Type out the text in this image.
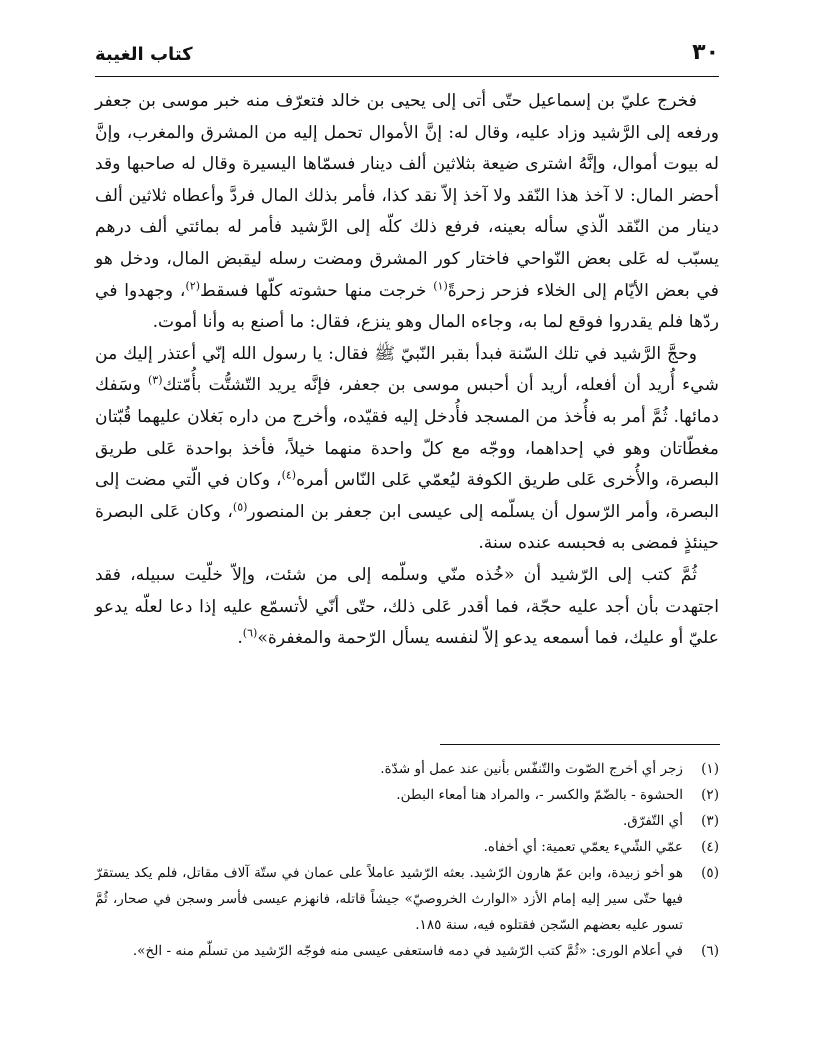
٣٠
كتاب الغيبة

فخرج عليّ بن إسماعيل حتّى أتى إلى يحيى بن خالد فتعرّف منه خبر موسى بن جعفر ورفعه إلى الرَّشيد وزاد عليه، وقال له: إنَّ الأموال تحمل إليه من المشرق والمغرب، وإنَّ له بيوت أموال، وإنَّهُ اشترى ضيعة بثلاثين ألف دينار فسمّاها اليسيرة وقال له صاحبها وقد أحضر المال: لا آخذ هذا النّقد ولا آخذ إلاّ نقد كذا، فأمر بذلك المال فردَّ وأعطاه ثلاثين ألف دينار من النّقد الّذي سأله بعينه، فرفع ذلك كلّه إلى الرَّشيد فأمر له بمائتي ألف درهم يسبّب له عَلى بعض النّواحي فاختار كور المشرق ومضت رسله ليقبض المال، ودخل هو في بعض الأيّام إلى الخلاء فزحر زحرةً$^{(١)}$ خرجت منها حشوته كلّها فسقط$^{(٢)}$، وجهدوا في ردّها فلم يقدروا فوقع لما به، وجاءه المال وهو ينزع، فقال: ما أصنع به وأنا أموت.

وحجَّ الرَّشيد في تلك السّنة فبدأ بقبر النّبيّ ﷺ فقال: يا رسول الله إنّي أعتذر إليك من شيء أُريد أن أفعله، أريد أن أحبس موسى بن جعفر، فإنَّه يريد التّشتُّت بأُمّتك$^{(٣)}$ وسَفك دمائها. ثُمَّ أمر به فأُخذ من المسجد فأُدخل إليه فقيّده، وأخرج من داره بَغلان عليهما قُبّتان مغطّاتان وهو في إحداهما، ووجّه مع كلّ واحدة منهما خيلاً، فأخذ بواحدة عَلى طريق البصرة، والأُخرى عَلى طريق الكوفة ليُعمّي عَلى النّاس أمره$^{(٤)}$، وكان في الّتي مضت إلى البصرة، وأمر الرّسول أن يسلّمه إلى عيسى ابن جعفر بن المنصور$^{(٥)}$، وكان عَلى البصرة حينئذٍ فمضى به فحبسه عنده سنة.

ثُمَّ كتب إلى الرّشيد أن «خُذه منّي وسلّمه إلى من شئت، وإلاّ خلّيت سبيله، فقد اجتهدت بأن أجد عليه حجّة، فما أقدر عَلى ذلك، حتّى أنّي لأتسمّع عليه إذا دعا لعلّه يدعو عليّ أو عليك، فما أسمعه يدعو إلاّ لنفسه يسأل الرّحمة والمغفرة»$^{(٦)}$.

(١)
زجر أي أخرج الصّوت والتّنفّس بأنين عند عمل أو شدّة.
(٢)
الحشوة - بالضّمّ والكسر -، والمراد هنا أمعاء البطن.
(٣)
أي التّفرّق.
(٤)
عمّي الشّيء يعمّي تعمية: أي أخفاه.
(٥)
هو أخو زبيدة، وابن عمّ هارون الرّشيد. بعثه الرّشيد عاملاً على عمان في ستّة آلاف مقاتل، فلم يكد يستقرّ فيها حتّى سير إليه إمام الأزد «الوارث الخروصيّ» جيشاً قاتله، فانهزم عيسى فأسر وسجن في صحار، ثُمَّ تسور عليه بعضهم السّجن فقتلوه فيه، سنة ١٨٥.
(٦)
في أعلام الورى: «ثُمَّ كتب الرّشيد في دمه فاستعفى عيسى منه فوجّه الرّشيد من تسلّم منه - الخ».
